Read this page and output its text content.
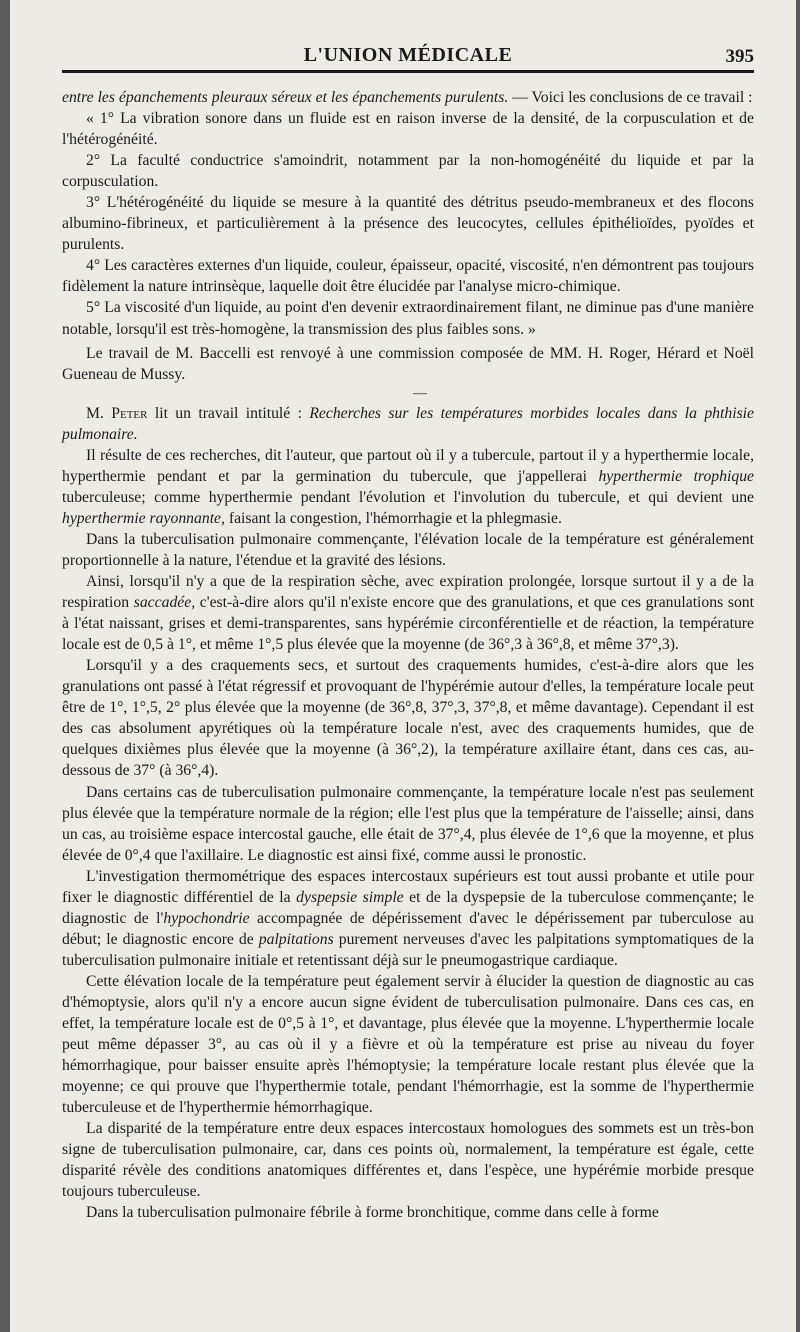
L'UNION MÉDICALE	395

entre les épanchements pleuraux séreux et les épanchements purulents. — Voici les conclusions de ce travail :

« 1° La vibration sonore dans un fluide est en raison inverse de la densité, de la corpusculation et de l'hétérogénéité.

2° La faculté conductrice s'amoindrit, notamment par la non-homogénéité du liquide et par la corpusculation.

3° L'hétérogénéité du liquide se mesure à la quantité des détritus pseudo-membraneux et des flocons albumino-fibrineux, et particulièrement à la présence des leucocytes, cellules épithélioïdes, pyoïdes et purulents.

4° Les caractères externes d'un liquide, couleur, épaisseur, opacité, viscosité, n'en démontrent pas toujours fidèlement la nature intrinsèque, laquelle doit être élucidée par l'analyse micro-chimique.

5° La viscosité d'un liquide, au point d'en devenir extraordinairement filant, ne diminue pas d'une manière notable, lorsqu'il est très-homogène, la transmission des plus faibles sons. »

Le travail de M. Baccelli est renvoyé à une commission composée de MM. H. Roger, Hérard et Noël Gueneau de Mussy.

—

M. Peter lit un travail intitulé : Recherches sur les températures morbides locales dans la phthisie pulmonaire.

Il résulte de ces recherches, dit l'auteur, que partout où il y a tubercule, partout il y a hyperthermie locale, hyperthermie pendant et par la germination du tubercule, que j'appellerai hyperthermie trophique tuberculeuse; comme hyperthermie pendant l'évolution et l'involution du tubercule, et qui devient une hyperthermie rayonnante, faisant la congestion, l'hémorrhagie et la phlegmasie.

Dans la tuberculisation pulmonaire commençante, l'élévation locale de la température est généralement proportionnelle à la nature, l'étendue et la gravité des lésions.

Ainsi, lorsqu'il n'y a que de la respiration sèche, avec expiration prolongée, lorsque surtout il y a de la respiration saccadée, c'est-à-dire alors qu'il n'existe encore que des granulations, et que ces granulations sont à l'état naissant, grises et demi-transparentes, sans hypérémie circonférentielle et de réaction, la température locale est de 0,5 à 1°, et même 1°,5 plus élevée que la moyenne (de 36°,3 à 36°,8, et même 37°,3).

Lorsqu'il y a des craquements secs, et surtout des craquements humides, c'est-à-dire alors que les granulations ont passé à l'état régressif et provoquant de l'hypérémie autour d'elles, la température locale peut être de 1°, 1°,5, 2° plus élevée que la moyenne (de 36°,8, 37°,3, 37°,8, et même davantage). Cependant il est des cas absolument apyrétiques où la température locale n'est, avec des craquements humides, que de quelques dixièmes plus élevée que la moyenne (à 36°,2), la température axillaire étant, dans ces cas, au-dessous de 37° (à 36°,4).

Dans certains cas de tuberculisation pulmonaire commençante, la température locale n'est pas seulement plus élevée que la température normale de la région; elle l'est plus que la température de l'aisselle; ainsi, dans un cas, au troisième espace intercostal gauche, elle était de 37°,4, plus élevée de 1°,6 que la moyenne, et plus élevée de 0°,4 que l'axillaire. Le diagnostic est ainsi fixé, comme aussi le pronostic.

L'investigation thermométrique des espaces intercostaux supérieurs est tout aussi probante et utile pour fixer le diagnostic différentiel de la dyspepsie simple et de la dyspepsie de la tuberculose commençante; le diagnostic de l'hypochondrie accompagnée de dépérissement d'avec le dépérissement par tuberculose au début; le diagnostic encore de palpitations purement nerveuses d'avec les palpitations symptomatiques de la tuberculisation pulmonaire initiale et retentissant déjà sur le pneumogastrique cardiaque.

Cette élévation locale de la température peut également servir à élucider la question de diagnostic au cas d'hémoptysie, alors qu'il n'y a encore aucun signe évident de tuberculisation pulmonaire. Dans ces cas, en effet, la température locale est de 0°,5 à 1°, et davantage, plus élevée que la moyenne. L'hyperthermie locale peut même dépasser 3°, au cas où il y a fièvre et où la température est prise au niveau du foyer hémorrhagique, pour baisser ensuite après l'hémoptysie; la température locale restant plus élevée que la moyenne; ce qui prouve que l'hyperthermie totale, pendant l'hémorrhagie, est la somme de l'hyperthermie tuberculeuse et de l'hyperthermie hémorrhagique.

La disparité de la température entre deux espaces intercostaux homologues des sommets est un très-bon signe de tuberculisation pulmonaire, car, dans ces points où, normalement, la température est égale, cette disparité révèle des conditions anatomiques différentes et, dans l'espèce, une hypérémie morbide presque toujours tuberculeuse.

Dans la tuberculisation pulmonaire fébrile à forme bronchitique, comme dans celle à forme
